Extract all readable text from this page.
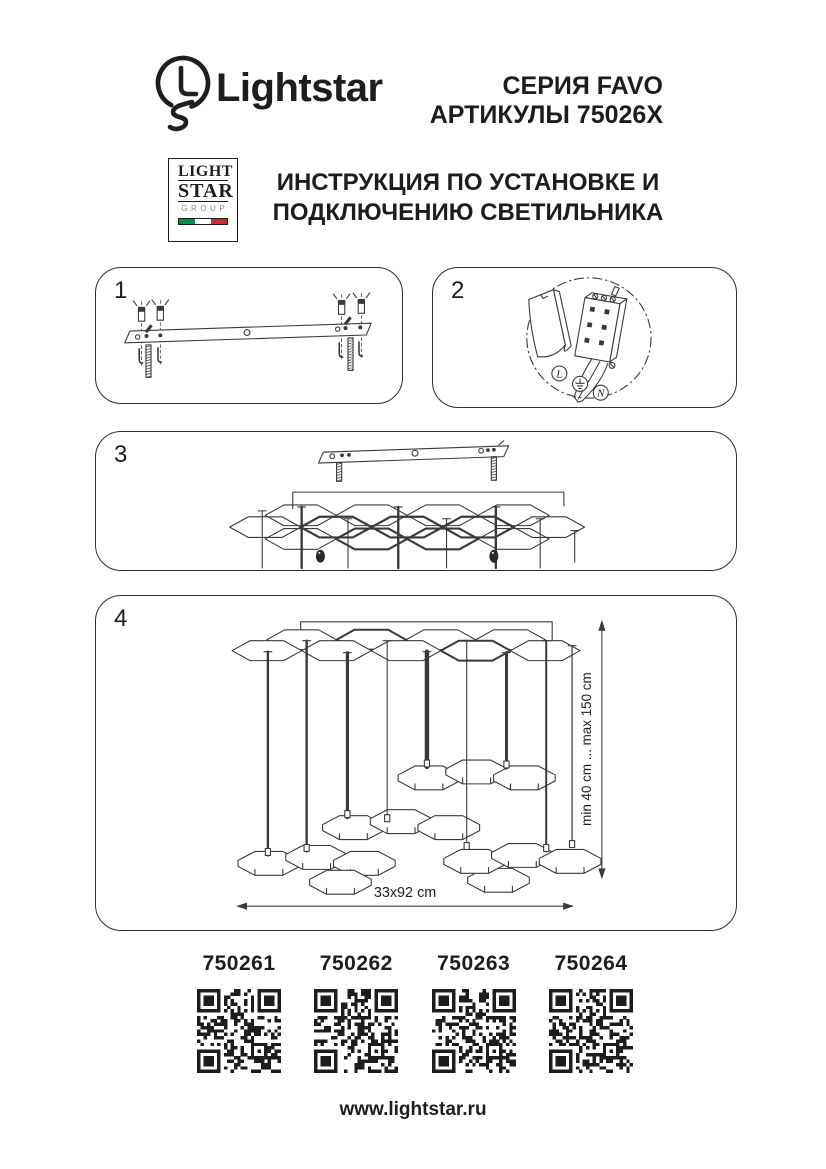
Lightstar	СЕРИЯ FAVO
АРТИКУЛЫ 75026X
LIGHT
STAR
GROUP
ИНСТРУКЦИЯ ПО УСТАНОВКЕ И
ПОДКЛЮЧЕНИЮ СВЕТИЛЬНИКА
1	2
L
N
3
4
min 40 cm ... max 150 cm
33x92 cm
750261 750262 750263 750264
www.lightstar.ru
